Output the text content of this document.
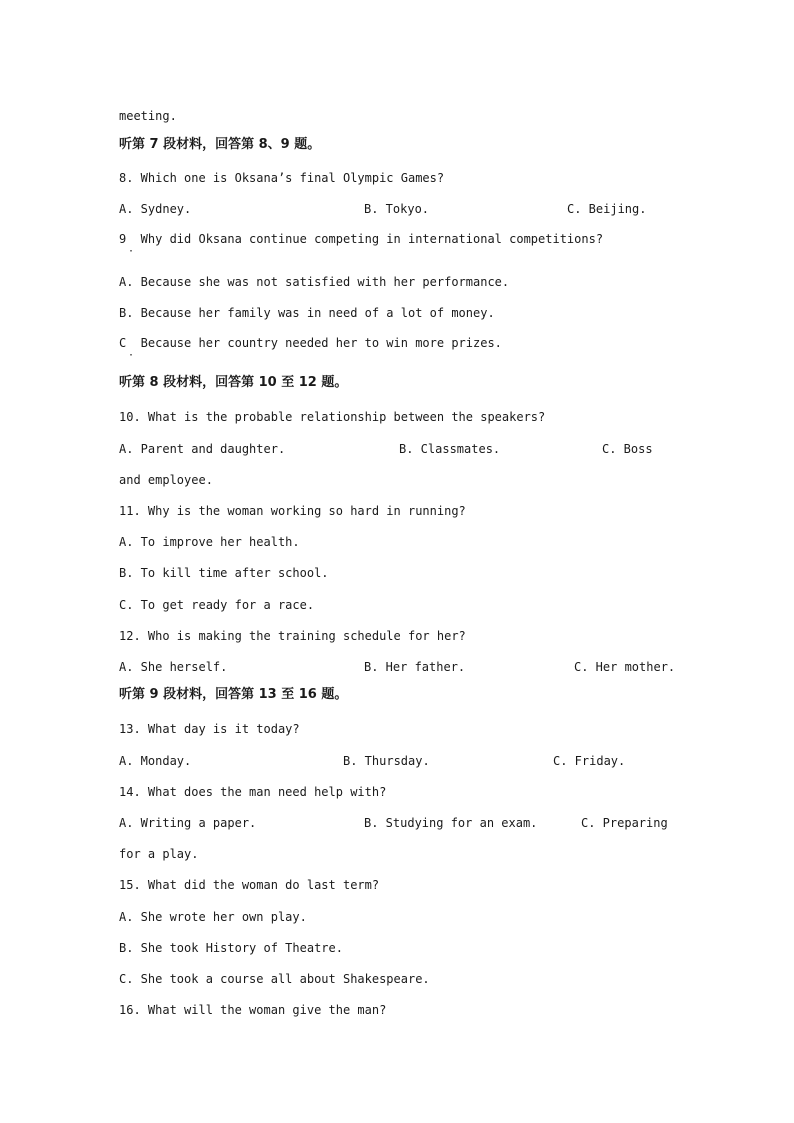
meeting.
听第 7 段材料，回答第 8、9 题。
8. Which one is Oksana’s final Olympic Games?
A. Sydney.	B. Tokyo.	C. Beijing.
9  Why did Oksana continue competing in international competitions?
·
A. Because she was not satisfied with her performance.
B. Because her family was in need of a lot of money.
C  Because her country needed her to win more prizes.
·
听第 8 段材料，回答第 10 至 12 题。
10. What is the probable relationship between the speakers?
A. Parent and daughter.	B. Classmates.	C. Boss
and employee.
11. Why is the woman working so hard in running?
A. To improve her health.
B. To kill time after school.
C. To get ready for a race.
12. Who is making the training schedule for her?
A. She herself.	B. Her father.	C. Her mother.
听第 9 段材料，回答第 13 至 16 题。
13. What day is it today?
A. Monday.	B. Thursday.	C. Friday.
14. What does the man need help with?
A. Writing a paper.	B. Studying for an exam.	C. Preparing
for a play.
15. What did the woman do last term?
A. She wrote her own play.
B. She took History of Theatre.
C. She took a course all about Shakespeare.
16. What will the woman give the man?
